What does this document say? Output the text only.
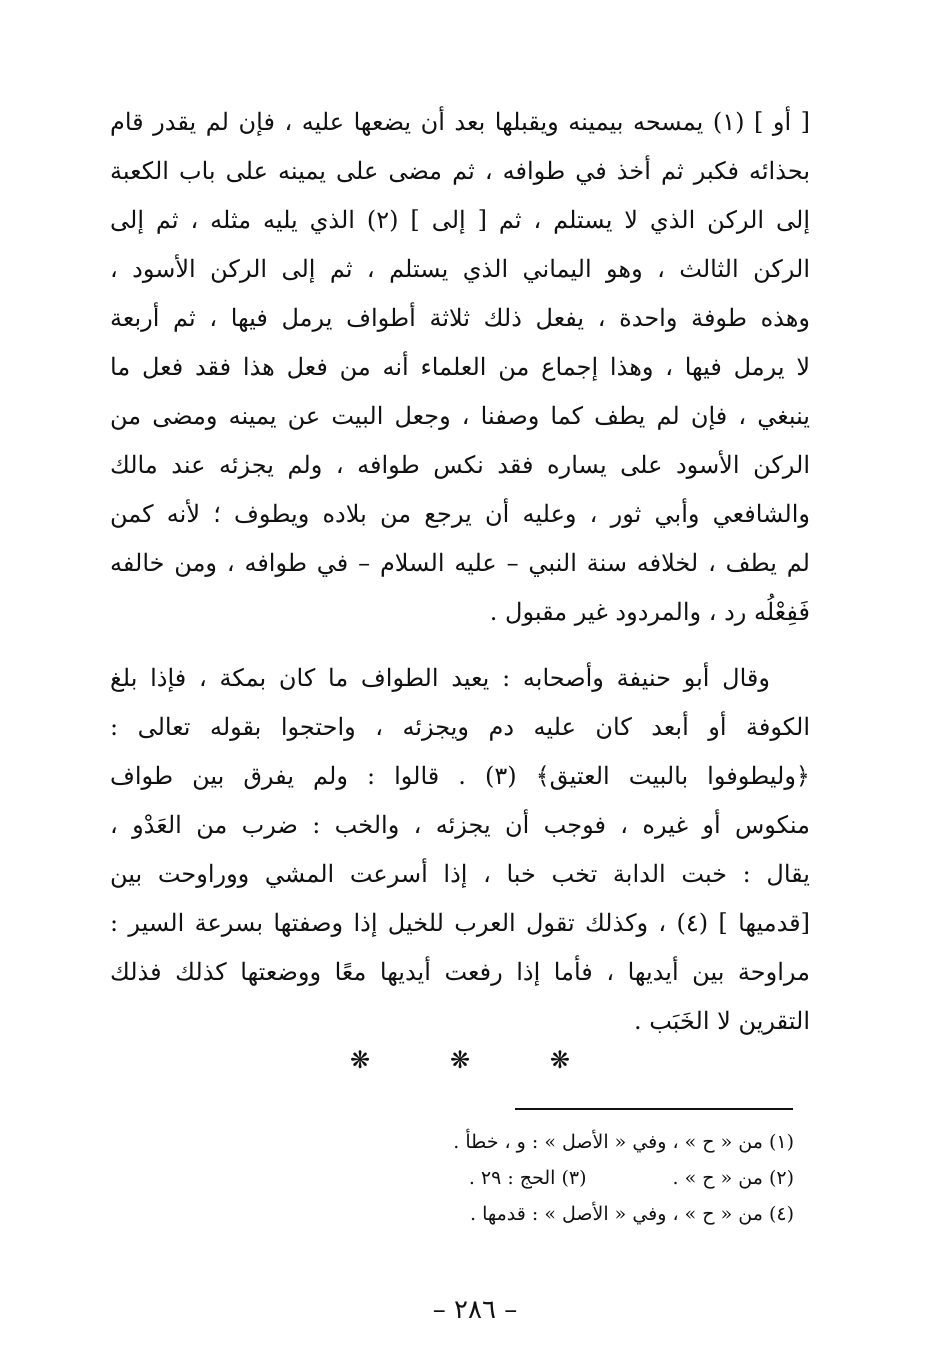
[ أو ] (١) يمسحه بيمينه ويقبلها بعد أن يضعها عليه ، فإن لم يقدر قام
بحذائه فكبر ثم أخذ في طوافه ، ثم مضى على يمينه على باب الكعبة
إلى الركن الذي لا يستلم ، ثم [ إلى ] (٢) الذي يليه مثله ، ثم إلى
الركن الثالث ، وهو اليماني الذي يستلم ، ثم إلى الركن الأسود ،
وهذه طوفة واحدة ، يفعل ذلك ثلاثة أطواف يرمل فيها ، ثم أربعة
لا يرمل فيها ، وهذا إجماع من العلماء أنه من فعل هذا فقد فعل ما
ينبغي ، فإن لم يطف كما وصفنا ، وجعل البيت عن يمينه ومضى من
الركن الأسود على يساره فقد نكس طوافه ، ولم يجزئه عند مالك
والشافعي وأبي ثور ، وعليه أن يرجع من بلاده ويطوف ؛ لأنه كمن
لم يطف ، لخلافه سنة النبي – عليه السلام – في طوافه ، ومن خالفه
فَفِعْلُه رد ، والمردود غير مقبول .
وقال أبو حنيفة وأصحابه : يعيد الطواف ما كان بمكة ، فإذا بلغ
الكوفة أو أبعد كان عليه دم ويجزئه ، واحتجوا بقوله تعالى :
﴿وليطوفوا بالبيت العتيق﴾ (٣) . قالوا : ولم يفرق بين طواف
منكوس أو غيره ، فوجب أن يجزئه ، والخب : ضرب من العَدْو ،
يقال : خبت الدابة تخب خبا ، إذا أسرعت المشي ووراوحت بين
[قدميها ] (٤) ، وكذلك تقول العرب للخيل إذا وصفتها بسرعة السير :
مراوحة بين أيديها ، فأما إذا رفعت أيديها معًا ووضعتها كذلك فذلك
التقرين لا الخَبَب .
❋
❋
❋
(١) من « ح » ، وفي « الأصل » : و ، خطأ .
(٢) من « ح » . (٣) الحج : ٢٩ .
(٤) من « ح » ، وفي « الأصل » : قدمها .
– ٢٨٦ –
